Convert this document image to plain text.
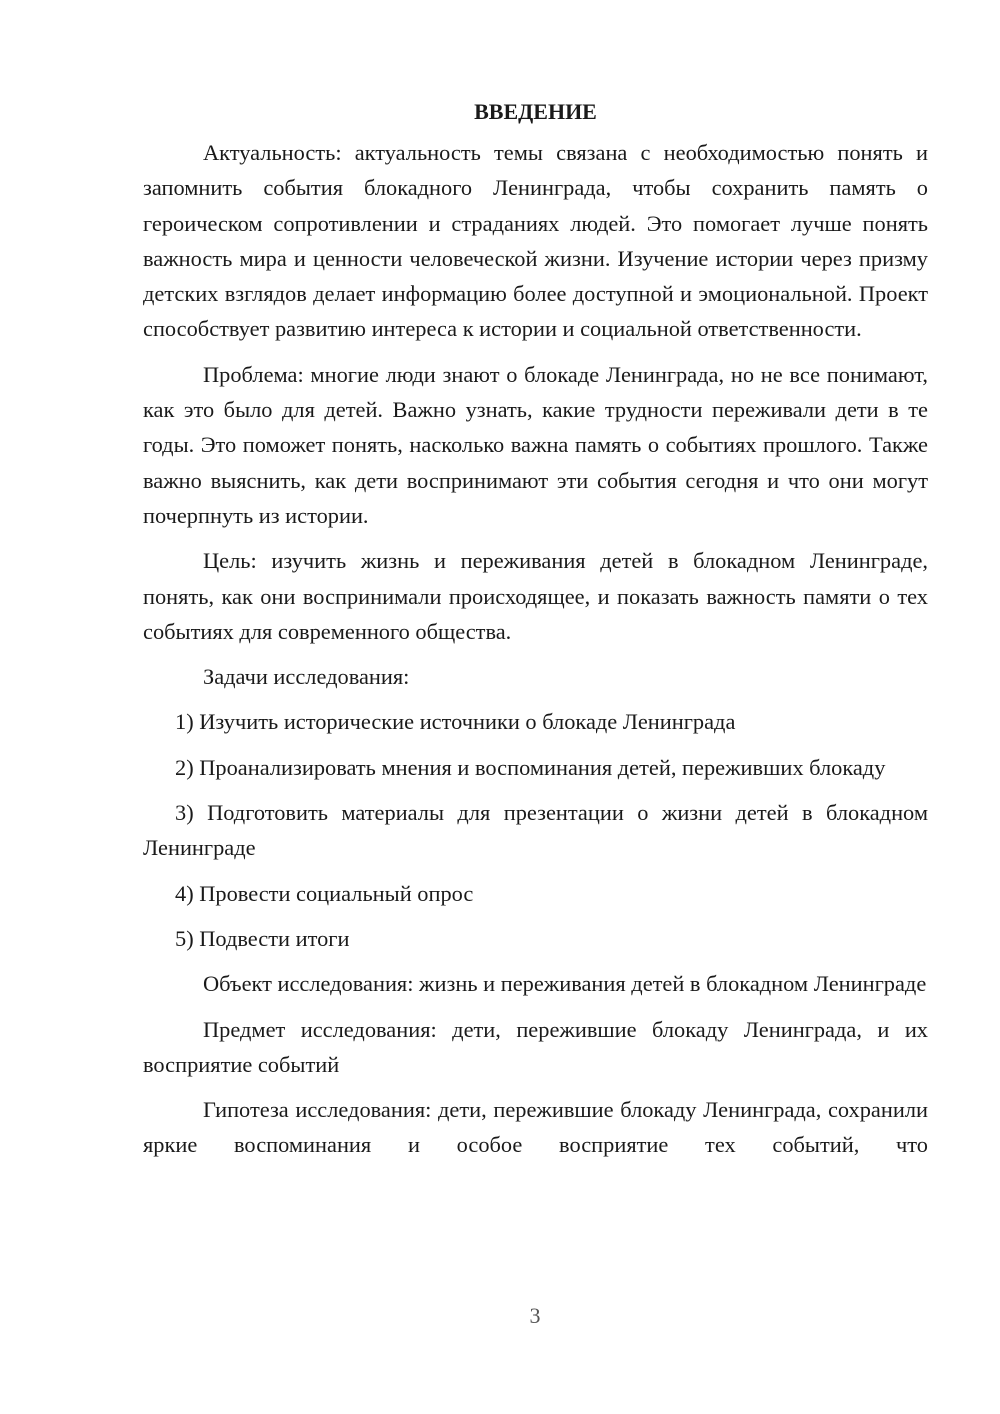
ВВЕДЕНИЕ

Актуальность: актуальность темы связана с необходимостью понять и запомнить события блокадного Ленинграда, чтобы сохранить память о героическом сопротивлении и страданиях людей. Это помогает лучше понять важность мира и ценности человеческой жизни. Изучение истории через призму детских взглядов делает информацию более доступной и эмоциональной. Проект способствует развитию интереса к истории и социальной ответственности.

Проблема: многие люди знают о блокаде Ленинграда, но не все понимают, как это было для детей. Важно узнать, какие трудности переживали дети в те годы. Это поможет понять, насколько важна память о событиях прошлого. Также важно выяснить, как дети воспринимают эти события сегодня и что они могут почерпнуть из истории.

Цель: изучить жизнь и переживания детей в блокадном Ленинграде, понять, как они воспринимали происходящее, и показать важность памяти о тех событиях для современного общества.

Задачи исследования:

1) Изучить исторические источники о блокаде Ленинграда

2) Проанализировать мнения и воспоминания детей, переживших блокаду

3) Подготовить материалы для презентации о жизни детей в блокадном Ленинграде

4) Провести социальный опрос

5) Подвести итоги

Объект исследования: жизнь и переживания детей в блокадном Ленинграде

Предмет исследования: дети, пережившие блокаду Ленинграда, и их восприятие событий

Гипотеза исследования: дети, пережившие блокаду Ленинграда, сохранили яркие воспоминания и особое восприятие тех событий, что

3
